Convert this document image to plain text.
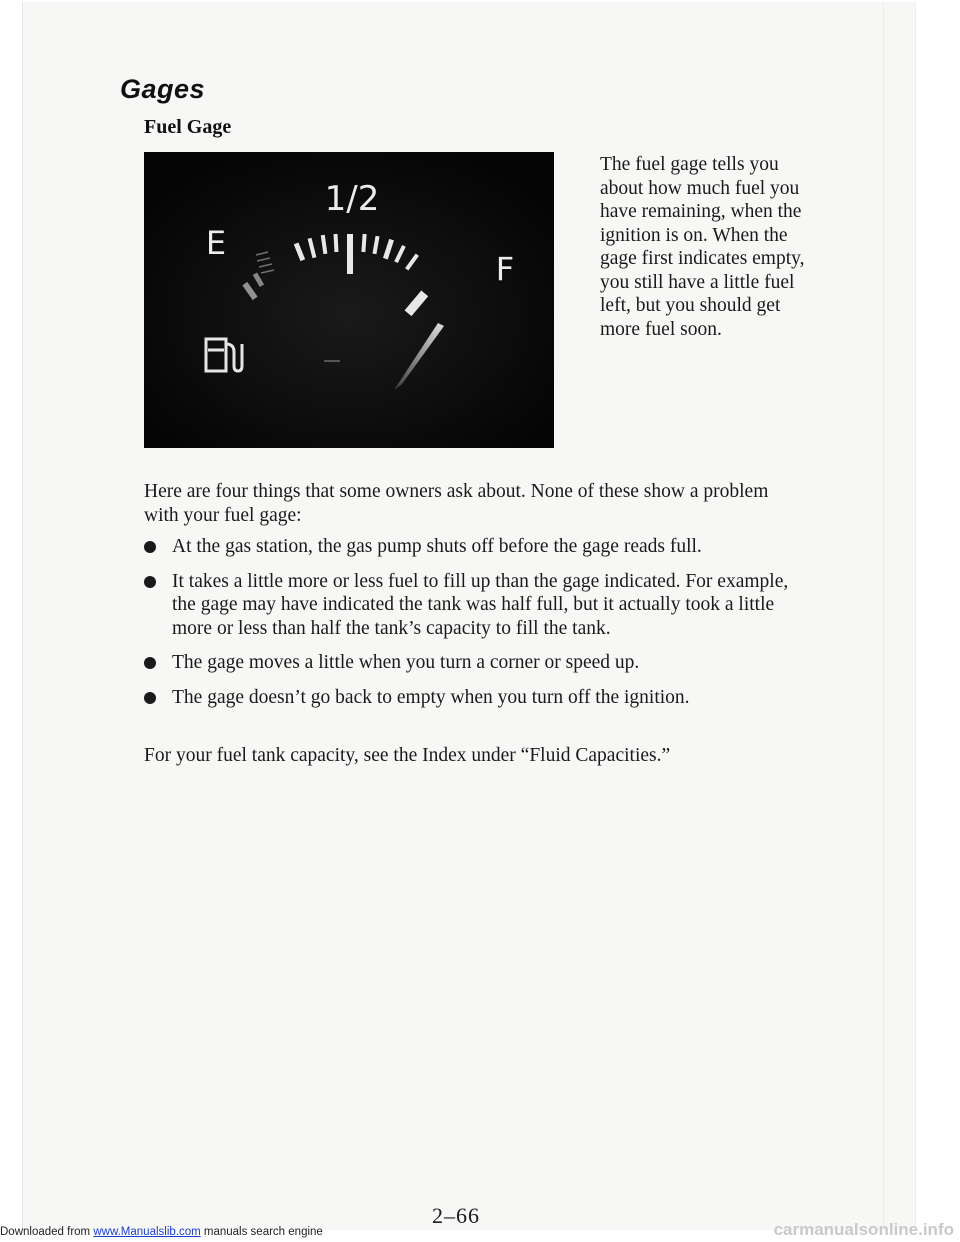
Gages
Fuel Gage
1/2
E
F

The fuel gage tells you about how much fuel you have remaining, when the ignition is on. When the gage first indicates empty, you still have a little fuel left, but you should get more fuel soon.

Here are four things that some owners ask about. None of these show a problem with your fuel gage:

At the gas station, the gas pump shuts off before the gage reads full.
It takes a little more or less fuel to fill up than the gage indicated. For example, the gage may have indicated the tank was half full, but it actually took a little more or less than half the tank’s capacity to fill the tank.
The gage moves a little when you turn a corner or speed up.
The gage doesn’t go back to empty when you turn off the ignition.

For your fuel tank capacity, see the Index under “Fluid Capacities.”

2–66

Downloaded from www.Manualslib.com manuals search engine	carmanualsonline.info
